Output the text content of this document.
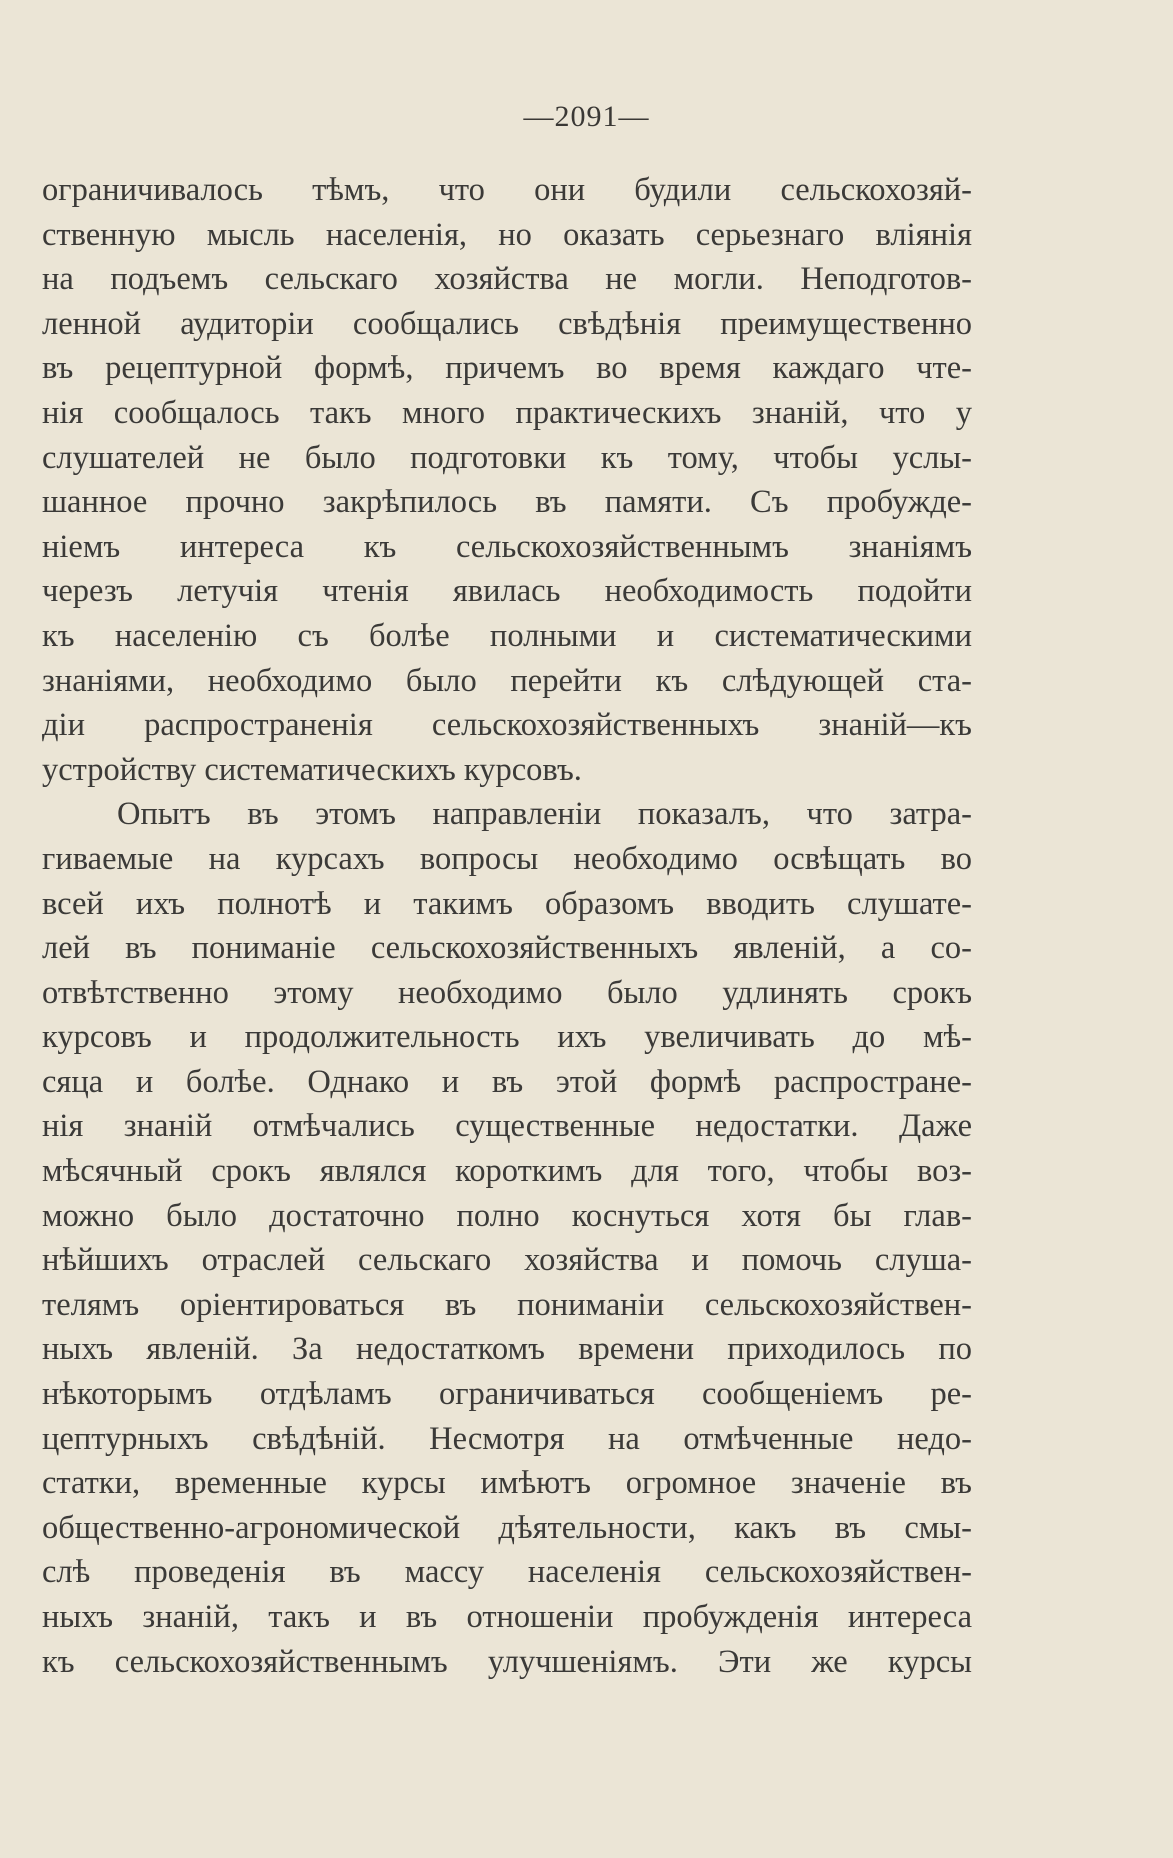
—2091—
ограничивалось тѣмъ, что они будили сельскохозяй-
ственную мысль населенія, но оказать серьезнаго вліянія
на подъемъ сельскаго хозяйства не могли. Неподготов-
ленной аудиторіи сообщались свѣдѣнія преимущественно
въ рецептурной формѣ, причемъ во время каждаго чте-
нія сообщалось такъ много практическихъ знаній, что у
слушателей не было подготовки къ тому, чтобы услы-
шанное прочно закрѣпилось въ памяти. Съ пробужде-
ніемъ интереса къ сельскохозяйственнымъ знаніямъ
черезъ летучія чтенія явилась необходимость подойти
къ населенію съ болѣе полными и систематическими
знаніями, необходимо было перейти къ слѣдующей ста-
діи распространенія сельскохозяйственныхъ знаній—къ
устройству систематическихъ курсовъ.
Опытъ въ этомъ направленіи показалъ, что затра-
гиваемые на курсахъ вопросы необходимо освѣщать во
всей ихъ полнотѣ и такимъ образомъ вводить слушате-
лей въ пониманіе сельскохозяйственныхъ явленій, а со-
отвѣтственно этому необходимо было удлинять срокъ
курсовъ и продолжительность ихъ увеличивать до мѣ-
сяца и болѣе. Однако и въ этой формѣ распростране-
нія знаній отмѣчались существенные недостатки. Даже
мѣсячный срокъ являлся короткимъ для того, чтобы воз-
можно было достаточно полно коснуться хотя бы глав-
нѣйшихъ отраслей сельскаго хозяйства и помочь слуша-
телямъ оріентироваться въ пониманіи сельскохозяйствен-
ныхъ явленій. За недостаткомъ времени приходилось по
нѣкоторымъ отдѣламъ ограничиваться сообщеніемъ ре-
цептурныхъ свѣдѣній. Несмотря на отмѣченные недо-
статки, временные курсы имѣютъ огромное значеніе въ
общественно-агрономической дѣятельности, какъ въ смы-
слѣ проведенія въ массу населенія сельскохозяйствен-
ныхъ знаній, такъ и въ отношеніи пробужденія интереса
къ сельскохозяйственнымъ улучшеніямъ. Эти же курсы
